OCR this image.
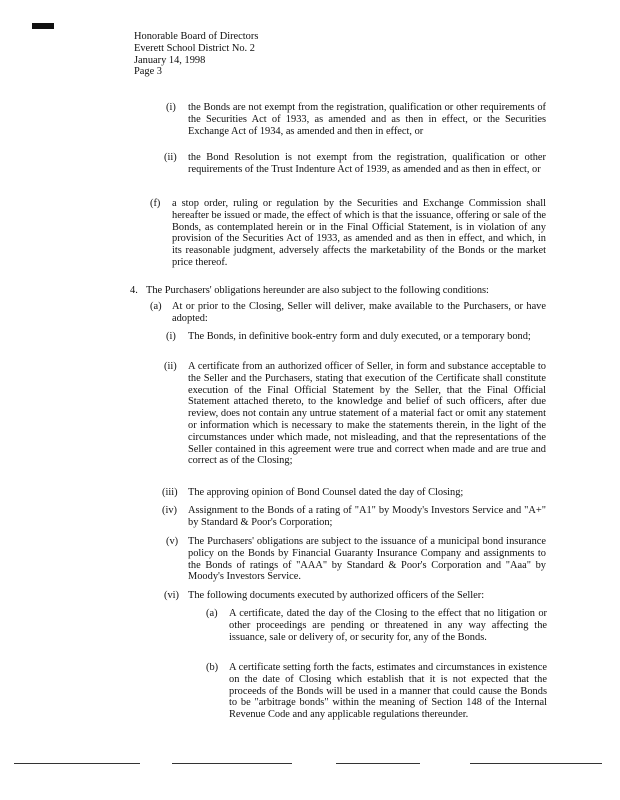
Honorable Board of Directors
Everett School District No. 2
January 14, 1998
Page 3
(i) the Bonds are not exempt from the registration, qualification or other requirements of the Securities Act of 1933, as amended and as then in effect, or the Securities Exchange Act of 1934, as amended and then in effect, or
(ii) the Bond Resolution is not exempt from the registration, qualification or other requirements of the Trust Indenture Act of 1939, as amended and as then in effect, or
(f) a stop order, ruling or regulation by the Securities and Exchange Commission shall hereafter be issued or made, the effect of which is that the issuance, offering or sale of the Bonds, as contemplated herein or in the Final Official Statement, is in violation of any provision of the Securities Act of 1933, as amended and as then in effect, and which, in its reasonable judgment, adversely affects the marketability of the Bonds or the market price thereof.
4. The Purchasers' obligations hereunder are also subject to the following conditions:
(a) At or prior to the Closing, Seller will deliver, make available to the Purchasers, or have adopted:
(i) The Bonds, in definitive book-entry form and duly executed, or a temporary bond;
(ii) A certificate from an authorized officer of Seller, in form and substance acceptable to the Seller and the Purchasers, stating that execution of the Certificate shall constitute execution of the Final Official Statement by the Seller, that the Final Official Statement attached thereto, to the knowledge and belief of such officers, after due review, does not contain any untrue statement of a material fact or omit any statement or information which is necessary to make the statements therein, in the light of the circumstances under which made, not misleading, and that the representations of the Seller contained in this agreement were true and correct when made and are true and correct as of the Closing;
(iii) The approving opinion of Bond Counsel dated the day of Closing;
(iv) Assignment to the Bonds of a rating of "A1" by Moody's Investors Service and "A+" by Standard & Poor's Corporation;
(v) The Purchasers' obligations are subject to the issuance of a municipal bond insurance policy on the Bonds by Financial Guaranty Insurance Company and assignments to the Bonds of ratings of "AAA" by Standard & Poor's Corporation and "Aaa" by Moody's Investors Service.
(vi) The following documents executed by authorized officers of the Seller:
(a) A certificate, dated the day of the Closing to the effect that no litigation or other proceedings are pending or threatened in any way affecting the issuance, sale or delivery of, or security for, any of the Bonds.
(b) A certificate setting forth the facts, estimates and circumstances in existence on the date of Closing which establish that it is not expected that the proceeds of the Bonds will be used in a manner that could cause the Bonds to be "arbitrage bonds" within the meaning of Section 148 of the Internal Revenue Code and any applicable regulations thereunder.
